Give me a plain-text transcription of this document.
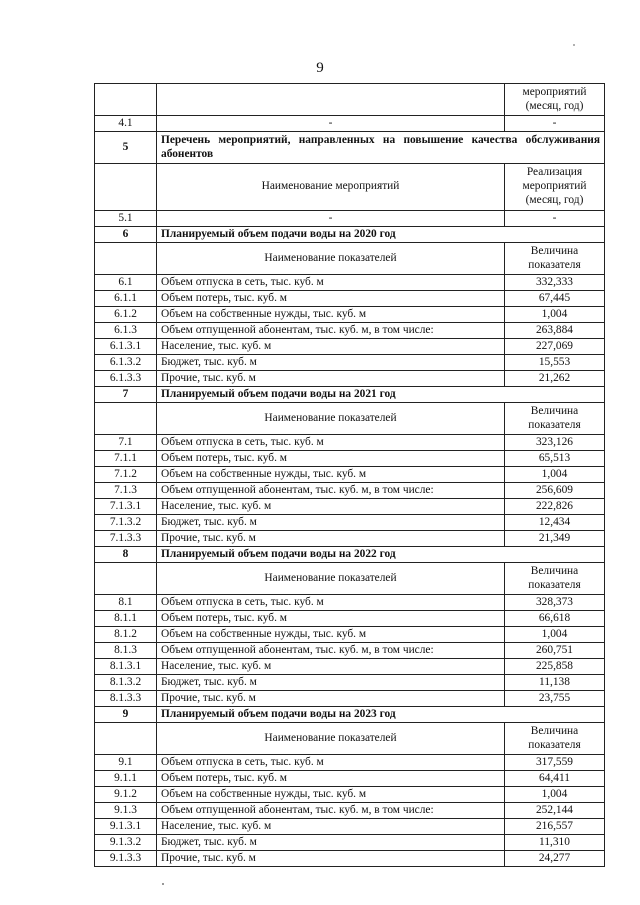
9
		мероприятий (месяц, год)
4.1	-	-
5	Перечень мероприятий, направленных на повышение качества обслуживания абонентов	
	Наименование мероприятий	Реализация мероприятий (месяц, год)
5.1	-	-
6	Планируемый объем подачи воды на 2020 год	
	Наименование показателей	Величина показателя
6.1	Объем отпуска в сеть, тыс. куб. м	332,333
6.1.1	Объем потерь, тыс. куб. м	67,445
6.1.2	Объем на собственные нужды, тыс. куб. м	1,004
6.1.3	Объем отпущенной абонентам, тыс. куб. м, в том числе:	263,884
6.1.3.1	Население, тыс. куб. м	227,069
6.1.3.2	Бюджет, тыс. куб. м	15,553
6.1.3.3	Прочие, тыс. куб. м	21,262
7	Планируемый объем подачи воды на 2021 год	
	Наименование показателей	Величина показателя
7.1	Объем отпуска в сеть, тыс. куб. м	323,126
7.1.1	Объем потерь, тыс. куб. м	65,513
7.1.2	Объем на собственные нужды, тыс. куб. м	1,004
7.1.3	Объем отпущенной абонентам, тыс. куб. м, в том числе:	256,609
7.1.3.1	Население, тыс. куб. м	222,826
7.1.3.2	Бюджет, тыс. куб. м	12,434
7.1.3.3	Прочие, тыс. куб. м	21,349
8	Планируемый объем подачи воды на 2022 год	
	Наименование показателей	Величина показателя
8.1	Объем отпуска в сеть, тыс. куб. м	328,373
8.1.1	Объем потерь, тыс. куб. м	66,618
8.1.2	Объем на собственные нужды, тыс. куб. м	1,004
8.1.3	Объем отпущенной абонентам, тыс. куб. м, в том числе:	260,751
8.1.3.1	Население, тыс. куб. м	225,858
8.1.3.2	Бюджет, тыс. куб. м	11,138
8.1.3.3	Прочие, тыс. куб. м	23,755
9	Планируемый объем подачи воды на 2023 год	
	Наименование показателей	Величина показателя
9.1	Объем отпуска в сеть, тыс. куб. м	317,559
9.1.1	Объем потерь, тыс. куб. м	64,411
9.1.2	Объем на собственные нужды, тыс. куб. м	1,004
9.1.3	Объем отпущенной абонентам, тыс. куб. м, в том числе:	252,144
9.1.3.1	Население, тыс. куб. м	216,557
9.1.3.2	Бюджет, тыс. куб. м	11,310
9.1.3.3	Прочие, тыс. куб. м	24,277
